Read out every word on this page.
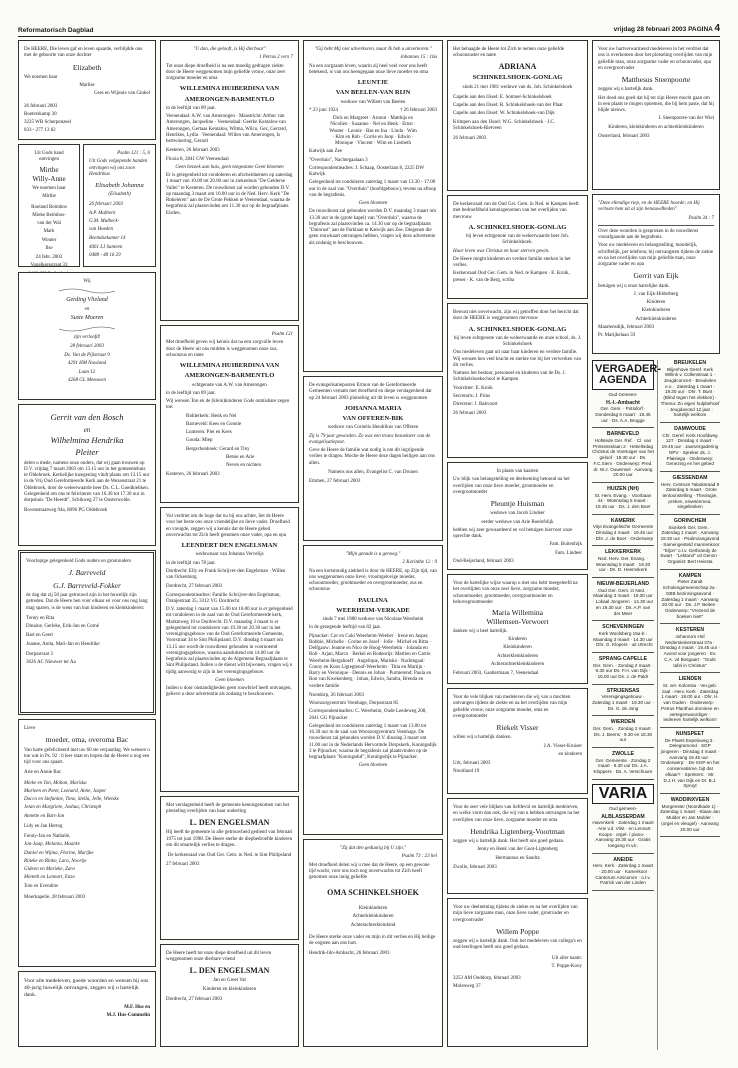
Reformatorisch Dagblad	vrijdag 28 februari 2003 PAGINA 4

De HEERE, Die leven gaf en leven spaarde, verblijdde ons met de geboorte van onze dochter

Elizabeth

We noemen haar

Marlise

Cees en Wijnnie van Ginkel

26 februari 2003

Boeterskamp 30

3225 WB Scherpenzeel

033 - 277 13 82

Uit Gods hand ontvingen

Mirthe
Willy-Anne

We noemen haar

Mirthe

Roeland Beimbos

Mieke Beimbos-

van der Wal

Mark

Wouter

Ilse

24 febr. 2003

Vogelkersstraat 33

Psalm 121 : 5, 6

Uit Gods volgepende handen ontvingen wij ons zoon Hendrikus

Elisabeth Johanna

(Elisabeth)

26 februari 2003

A.P. Mulbeck

G.M. Mulbeck-

van Hoeden

Beemdsekamer 14

4061 LJ Santeen

0488 - 48 16 29

Wij

Gerding Vlieland

en

Susie Moeren

zijn verloofd!

28 februari 2003

Ds. Van de Pijlstraat 9

4291 HM Nuwland

Laan 12

4268 GL Meeuwen

Gerrit van den Bosch
en
Wilhelmina Hendrika
Pleiter

delen u mede, namens onze ouders, dat wij gaan trouwen op D.V. vrijdag 7 maart 2003 om 13.15 uur in het gemeentehuis te Oldebroek. Kerkelijke inzegening vindt plaats om 13.15 uur in de Vrij Oud Gereformeerde Kerk aan de Wezenstraat 21 te Oldebroek, door de weleerwaarde heer Ds. C.L. Goedkiebken. Gelegenheid om ons te feliciteren van 16.30 tot 17.30 uur in dorpshuis "De Heerdt", Schikweg 27 te Oosterwolde.

Bovenstraatweg 94a, 8096 PG Oldebroek

Voorlopige gelegenheid Gods ouders en grootouders

J. Barreveld
G.J. Barreveld-Fokker

de dag dat zij 50 jaar getrouwd zijn in het huwelijk zijn getreden. Dat de Heere hen voor elkaar en voor ons nog lang mag sparen, is de wens van hun kinderen en kleinkinderen:

Tonny en Rita

Dinaine, Gerleke, Erik-Jan en Corné

Bart en Geert

Joanne, Anita, Mari-Jan en Hendrike

Dorpsstraat 3

3626 AC Nieuwer ter Aa

Lieve

moeder, oma, overoma Bac

Van harte gefeliciteerd met uw 60 ste verjaardag. We wensen u toe wat in Ps. 92 : 6 leer staat en hopen dat de Heere u nog een tijd voor ons spaart.

Arie en Annie Bac

Mieke en Ton, Mohan, Mariska

Marleen en Peter, Leonard, Anne, Jasper

Dacco en Stefanine, Timo, Stella, Jelle, Wietske

Jetan en Margriete, Joshua, Christoph

Annette en Bart-Jan

Lidy en Jan Hertog

Fonny-Jan en Nathalie,

Jan-Jaap, Melania, Maarke

Daniel en Wijma, Florine, Marijke

Rineke en Rinko, Lara, Noortje

Gideon en Marieke, Zara

Mieteth en Lennart, Enzo

Tom en Evendine

Moerkapelle, 28 februari 2003

Voor alle medeleven, goede woorden en wensen bij ons 40-jarig huwelijk ontvangen, zeggen wij u hartelijk dank.

M.F. Hus en

M.J. Hus-Commelin

"U dan, die gelooft, is Hij dierbaar"

1 Petrus 2 vers 7

Tot onze diepe droefheid is na een moedig gedragen ziekte door de Heere weggenomen mijn geliefde vrouw, onze zeer zorgzame moeder en oma

WILLEMINA HUIBERDINA VAN
AMERONGEN-BARMENTLO

in de leeftijd van 89 jaar.

Veenendaal: A.W. van Amerongen · Maastricht: Arthur van Amerongen, Jacqueline · Veenendaal: Geerke Kentalou-van Amerongen, Gertaas Kentalou, Wilma, Wilco, Gez, Gerrard, Henrikes, Lydia · Veenendaal: Willen van Amerongen, Is hertwinering, Gerard

Kesteren, 26 februari 2003

Fluxia 8, 2841 GW Veenendaal

Geen bezoek aan huis, geen toegestane Geen bloemen

Er is gelegenheid tot condoleren en afscheidnemen op zaterdag 1 maart van 10.00 tot 20.00 uur in ziekenhuis "De Gelderse Vallei" te Kesteren. De rouwdienst zal worden gehouden D.V. op maandag 3 maart om 10.00 uur in de Ned. Herv. Kerk "De Rokeleren" aan de De Grote Pekken te Veenendaal, waarna de begrafenis zal plaatsvinden om 11.30 uur op de begraafplaats Eisden.

Psalm 121

Met droefheid geven wij kennis dat na een zorgvolle leven door de Heere uit ons midden is weggenomen onze zus, schoonzus en tante

WILLEMINA HUIBERDINA VAN
AMERONGEN-BARMENTLO

echtgenote van A.W. van Amerongen

in de leeftijd van 89 jaar.

Wij wensen Ton en de (klein)kinderen Gods onmisbare zegen toe:

Ridderkerk: Henk en Nel

Barneveld: Kees en Gonnie

Lunteren: Piet en Kees

Gouda: Miep

Bergschenhoek: Gerard en Tiny

Betsie en Arie

Neven en nichten

Kesteren, 26 februari 2003

Vol verdriet om de hoge dat nu bij ons achter, liet de Heere voor het beste ons onze vriendelijke en lieve vader. Droefheid en vreugde, zeggen wij u kennis dat de Heere gebed onverwachts tot Zich heeft genomen onze vader, opa en opa

LEENDERT DEN ENGELSMAN

weduwnaar van Johanna Vervelijs

in de leeftijd van 78 jaar.

Dordrecht: Elly en Frank Schrijver-den Engelsman · Willen van Ockenburg

Dordrecht, 27 februari 2003

Correspondentieadres: Familie Schrijver-den Engelsman, Oranjestraat 35, 3312 VG Dordrecht

D.V. zaterdag 1 maart van 15.00 tot 16.00 uur is er gelegenheid tot condoleren in de zaal van de Oud Gereformeerde kerk, Markteweg 10 te Dordrecht. D.V. maandag 3 maart is er gelegenheid tot condoleren van 19.30 tot 20.30 uur in het verenigingsgebouw van de Oud Gereformeerde Gemeente, Voorstraat 34 te Sint Philipsland. D.V. dinsdag 4 maart om 13.15 uur wordt de rouwdienst gehouden in voornoemd verenigingsgebouw, waarna aansluitend om 14.00 uur de begrafenis zal plaatsvinden op de Algemene Begraafplaats te Sint Philipsland. Indien u de dienst wilt bijwonen, vragen wij u tijdig aanwezig te zijn in het verenigingsgebouw.

Geen bloemen

Indien u door onstandigheden geen rouwbrief heeft ontvangen, gelieve u deze advertentie als zodanig te beschouwen.

Met verslagenheid heeft de gemeente kennisgenomen van het plotseling overlijden van haar ouderling

L. DEN ENGELSMAN

Hij heeft de gemeente in alle getrouwheid gediend van februari 1975 tot juni 1998. De Heere sterke de diepbedroefde kinderen om dit smartelijk verlies te dragen.

De kerkenraad van Oud Ger. Gem. in Ned. te Sint Philipsland

27 februari 2003

De Heere heeft tot onze diepe droefheid uit dit leven weggenomen onze dierbare vriend

L. DEN ENGELSMAN

Jan en Greet Vat

Kinderen en kleinkinderen

Dordrecht, 27 februari 2003

"Gij hebt Mij niet uitverkoren, maar Ik heb u uitverkoren."

Johannes 15 : 16a

Na een zorgzaam leven, waarin zij heel veel voor ons heeft betekend, is van ons heengegaan onze lieve moeder en oma

LEUNTJE
VAN BEELEN-VAN RIJN

weduwe van Willem van Beelen

* 23 juni 1924	† 26 februari 2003

Dick en Margreet · Arnout · Matthijs en Nicolien · Suzanne · Nel en Henk · Ernst · Wouter · Leonie · Bas en Ina · Linda · Wim · Kim en Rob · Corrie en Joop · Edwin · Monique · Vincent · Wim en Liesbeth

Katwijk aan Zee

"Overduin", Nachtegaalaan 3

Correspondentieadres: J. Schaap, Oosterlaan 8, 2225 DW Katwijk

Gelegenheid tot condoleren zaterdag 1 maart van 13.30 - 17.00 uur in de zaal van "Overduin" (hoofdgebouw), tevens na afloop van de begrafenis.

Geen bloemen

De rouwdienst zal gehouden worden D.V. maandag 3 maart om 13.30 uur in de (grote kapel) van "Overduin", waarna de begrafenis zal plaatsvinden ca. 14.30 uur op de begraafplaats "Duinrust" aan de Parklaan te Katwijk aan Zee. Diegenen die geen rouwkaart ontvangen hebben, vragen wij deze advertentie als zodanig te beschouwen.

De evangelisatieposten Ermon van de Gereformeerde Gemeenten vernam met droefheid en diepe verslagenheid dat op 24 februari 2003 plotseling uit dit leven is weggenomen

JOHANNA MARIA
VAN OFFEREN-BIK

weduwe van Cornelis Hendrikus van Offeren

Zij is 79 jaar geworden. Zo was een trouw bezoekster van de evangelisatiepost.

Geve de Heere de familie wat nodig is om dit ingrijpende verlies te dragen. Moche de Heere deze dagen heiligen aan ons allen.

Namens ons allen, Evangelist C. van Druuen

Emmen, 27 februari 2003

"Mijn genade is u genoeg."

2 Korinthe 12 : 9

Na een kortstondig ziekbed is door de HEERE, op Zijn tijd, van ons weggenomen onze lieve, vroomgelovige moeder, schoonmoeder, grootmoeder en overgrootmoeder, zus en schoonzus

PAULINA
WEERHEIM-VERKADE

sinds 7 mei 1980 weduwe van Nicolaas Weerheim

in de gezegende leeftijd van 82 jaar.

Pijnacker: Cor en Coki Weerheim-Weeber · Irene en Jasper, Robbie, Michelle · Corine en Jozef · Jolle · Michel en Ritta · Delfgauw: Jeanne en Nico de Hoog-Weerheim · Jolanda en Rob · Arjan, Marco · Berkel en Rodenrijs: Martien en Carrie Weerheim-Bergshoeff · Angelique, Mariska · Nachtegaal: Conny en Koos Ligtegtenof-Weerheim · Titia en Martijn · Barry en Veronique · Dennis en Johan · Purmerend: Paula en Bon van Kwekenberg · Johan, Edwin, Sandra, Brenda en verdere familie

Nootdorp, 26 februari 2003

Woonzorgcentrum Veenhage, Dorpsstraat 85

Correspondentieadres: C. Weerheim, Oude Leedeweg 208, 2641 GG Pijnacker

Gelegenheid tot condoleren zaterdag 1 maart van 13.00 tot 16.30 uur in de zaal van Woonzorgcentrum Veenhage. De rouwdienst zal gehouden worden D.V. dinsdag 3 maart om 11.00 uur in de Nederlands Hervormde Dorpskerk, Koningsdijk 3 te Pijnacker, waarna de begrafenis zal plaatsvinden op de begraafplaats "Koningsduf", Koningsdijk te Pijnacker.

Geen bloemen

"Zij dat den geduurig bij U zijn."

Psalm 73 : 23 hel

Met droefheid delen wij u mee dat de Heere, op een gewone tijd wacht, voor ons toch nog onverwachts tot Zich heeft genomen onze innig geliefde

OMA SCHINKELSHOEK

Kleinkinderen

Achterkleinkinderen

Achterachterkleinkind

De Heere sterke onze vader en mijn in dit verlies en Hij heilige de oogsten aan ons hart.

Hendrik-Ido-Ambacht, 26 februari 2003

Het behaagde de Heere tot Zich te nemen onze geliefde schoonzuster en tante

ADRIANA
SCHINKELSHOEK-GONLAG

sinds 21 mei 1981 weduwe van ds. Joh. Schinkelshoek

Capelle aan den IJssel: E. Somner-Schinkelshoek

Capelle aan den IJssel: R. Schinkelshoek-van der Plaat

Capelle aan den IJssel: W. Schinkelshoek-van Dijk

Krimpen aan den IJssel: W.G. Schinkelshoek · J.C. Schinkelshoek-Rietveen

26 februari 2003

De kerkenraad van de Oud Ger. Gem. in Ned. te Kampen heeft met bedroefdheid kennisgenomen van het overlijden van mevrouw

A. SCHINKELSHOEK-GONLAG

bij leven echtgenote van de weleerwaarde heer Joh. Schinkelshoek.

Haar leven was Christus en haar sterven gewin.

De Heere moght kinderen en verdere familie sterken in het verlies.

Kerkenraad Oud Ger. Gem. in Ned. te Kampen · E. Kroik, preses · K. van de Berg, scriba

Bewust niet onverwacht, zijn wij getroffen door het bericht dat door de HEERE is weggenomen mevrouw

A. SCHINKELSHOEK-GONLAG

bij leven echtgenote van de weleerwaarde en onze school, ds. J. Schinkelshoek

Ons medeleven gaat uit naar haar kinderen en verdere familie. Wij wensen hen veel kracht en sterkte toe bij het verwerken van dit verlies.

Namens het bestuur, personeel en kinderen van de Ds. J. Schinkelshoekschool te Kampen

Voorzitter: E. Kroik

Secretaris: J. Prins

Directeur: J. Bakvoort

26 februari 2003

In plaats van kaarten

Uw blijk van belangstelling en deelneming betoond na het overlijden van onze lieve moeder, grootmoeder en overgrootmoeder

Pleuntje Huisman

weduwe van Jacob Lindeer

eerder weduwe van Arie Roelofslijk

hebben wij zeer gewaardeerd en vol betuigen hiervoor onze oprechte dank.

Fam. Buitenhijk

Fam. Lindeer

Oud-Beijerland, februari 2003

Voor de hartelijke wijze waarop u met ons hebt meegeleefd na het overlijden van onze zeer lieve, zorgzame moeder, schoonmoeder, grootmoeder, overgrootmoeder en behovegrootmoeder

Maria Willemina
Willemsen-Verwoert

danken wij u heel hartelijk.

Kinderen

Kleinkinderen

Achterkleinkinderen

Achterachterkleinkinderen

Februari 2003, Gaaltermaan 7, Veenendaal

Voor de vele blijken van medeleven die wij van u mochten ontvangen tijdens de ziekte en na het overlijden van mijn geliefde vrouw, onze zorgzame moeder, oma en overgrootmoeder

Riekelt Visser

willen wij u hartelijk danken.

J.A. Visser-Kruiser

en kinderen

Urk, februari 2003

Nooitland 19

Voor de zeer vele blijken van liefdevol en hartelijk medeleven, en welke vorm dan ook, die wij van u hebben ontvangen na het overlijden van onze lieve, zorgzame moeder en oma

Hendrika Ligtenberg-Voortman

zeggen wij u hartelijk dank. Het heeft ons goed gedaan.

Jenny en Henk van der Goot-Ligtenberg

Hermannus en Sandra

Zwolle, februari 2003

Voor uw deelneming tijdens de ziekte en na het overlijden van mijn lieve zorgzame man, onze lieve vader, grootvader en overgrootvader

Willem Poppe

zeggen wij u hartelijk dank. Ook het medeleven van collega's en oud-leerlingen heeft ons goed gedaan.

Uit aller naam:

T. Poppe-Kooy

3253 AM Ouddorp, februari 2003

Molenweg 37

Voor uw hartverwarmend medeleven in het verdriet dat ons is overkomen door het plotseling overlijden van mijn geliefde man, onze zorgzame vader en schoonvader, opa en overgrootvader

Matthesus Steenpoorte

zeggen wij u hartelijk dank.

Het doed ons goed dat hij tot zijn Heere mocht gaan om in een plaats te mogen opnemen, die bij hem paste, dat hij blijde nieuws.

J. Steenpoorte-van der Wiel

Kinderen, kleinkinderen en achterkleinkinderen

Oosterland, februari 2003

"Deze ellendige riep, en de HEERE hoorde; en Hij verloste hem uit al zijn benauwdheden"

Psalm 34 : 7

Over deze woorden is gesproken in de rouwdienst voorafgaande aan de begrafenis.

Voor uw medeleven en belangstelling, mondelijk, schriftelijk, per telefoon, bij ontvangsten tijdens de ziekte en na het overlijden van mijn geliefde man, onze zorgzame vader en opa

Gerrit van Eijk

betuigen wij u onze hartelijke dank.

J. van Eijk-Hilderberg

Kinderen

Kleinkinderen

Achterkleinkinderen

Maartensdijk, februari 2003

Pr. Marijkelaan 59

VERGADER-
AGENDA
Oud Gemeen-
H.-I.-Ambacht
Ger. Gem. · Potsdorf · Donderdag 6 maart · 19.45 uur · Ds. A.A. Brugge
BARNEVELD
Hofstede Ger. Ref. · Cl. van Prinsesselaan 2 · Hebeltsdag Christus de Voertuiger van het geloof · 19.30 uur · Ds. F.C.Siem · Onderwerp: Pred. dr. W.J. Ouwensel · Aanvang 20.00 uur
HUIZEN (NH)
St. Herv. Evang. · Voorbaan 44 · Woensdag 5 maart · 19.45 uur · Ds. J. den Boer
KAMERIK
Vrije Evangelische Gemeente · Dinsdag 4 maart · 19.45 uur · Dhr. J. de Boer · Onderwerp
LEKKERKERK
Ned. Herv. Ger. Evang. · Woensdag 5 maart · 19.30 uur · Ds. D. Heemskerk
NIEUW-BEIJERLAND
Oud Ger. Gem. in Ned. · Maandag 3 maart · 19.30 uur · Lokaal Jongeren · 14.30 uur en 19.30 uur · Ds. A.P. van der Meer
SCHEVENINGEN
Kerk Woolsberg 15a-b · Maandag 3 maart · 14.30 uur · Dhr. G. Klopers · uit Utrecht
SPRANG-CAPELLE
Ger. Gem. · Zondag 2 maart · 9.30 uur Ds. F.H. van Dijk · 15.00 uur Ds. J. de Paldr
STRIJENSAS
Verenigingsgebouw · Zaterdag 1 maart · 19.30 uur · Ds. G. de Jong
WIERDEN
Ger. Gem. · Zondag 2 maart · Ds. J. Beens · 9.30 en 18.30 uur
ZWOLLE
Ger. Gemeente · Zondag 2 maart · 9.30 uur Ds. J.A. Kloppers · Ds. A. Verschuure
VARIA
Oud gemeen-
ALBLASSERDAM
Havenkerk · Zaterdag 1 maart · Arie v.d. Vlist · en Lennart Koops · orgel- / piano- · Aanvang 19.30 uur · Gratis toegang m.v.k.
ANEIDE
Herv. Kerk · Zaterdag 1 maart · 20.00 uur · Kamerkoor Cantorum Amicorum · o.l.v. Patrick van der Linden
BREUKELEN
Blijenhove Geref. Kerk Willink v. Collenstraat 1 · Jeugdconcert · Breukelen e.o. · Zaterdag 1 maart · 19.30 uur · Dhr. T. Bunt · (Blind tegen het vlekken) · Thema: Zo eigen hulpbehoef · Jeugdavond 12 jaar · hartelijk welkom
DAMWOUDE
Chr. Geref. Kerk Hoofdweg 127 · Dinsdag 4 maart · 19.45 uur · Jaarvergadering NPV · Spreker ds. J. Plaisiega · Onderwerp: Genezing en het gebed
GIESSENDAM
Herv. Centrum Tabaksraad 9 · Zaterdag 5 maart · Grote tentoonstelling · Theologie, preken, erwetenmea, singeliesken
GORINCHEM
Sionkerk Ger. Gem. · Zaterdag 1 maart · Aanvang 19.30 uur · Psalmzangavond · Samengesteld mannenkoor "Eljon" o.l.v. Gerbrandy de Swart · "Lektand" uit Genon · Organist: Bert Heivsta
KAMPEN
Pieter Zandt Scholengemeenschap 2a · GBB bezinningsavond · Zaterdag 1 maart · Aanvang 20.00 uur · Ds. J.P. Beiten · Onderwerp: "Vrezend de boeken niet!"
KESTEREN
Johanna's Hof Nedersteinerstraat 37a · Dinsdag 4 maart · 19.45 uur · Avond voor jongeren · Ev. C.A. vd Bosgaart · "Gods tafel in Christus"
LIENDEN
St. ver. Kolonsia · Ver.geb. zaal · Herv. Kerk · Zaterdag 1 maart · 19.00 uur · Dhr. H. van Ouden · Onderwerp: · Petrus Planthus dominee en vertegenwoordiger · Iedereen hartelijk welkom!
NUNSPEET
De Plaets Eepeloweg 3 · Delegramond · SGP jongeren · Dinsdag 4 maart · Aanvang 19.45 uur · Onderwerp: · De SGP en het conservatisme, bijt dat elkaar? · Sprekers: · Mr. D.J.H. van Dijk en Dr. B.J. Spruyt
WADDINXVEEN
Morgenster (Noordkade 1) · Zaterdag 1 maart · Klaas-Jan Mulder en Jan Mulder · (orgel en vleugel) · Aanvang 20.00 uur
